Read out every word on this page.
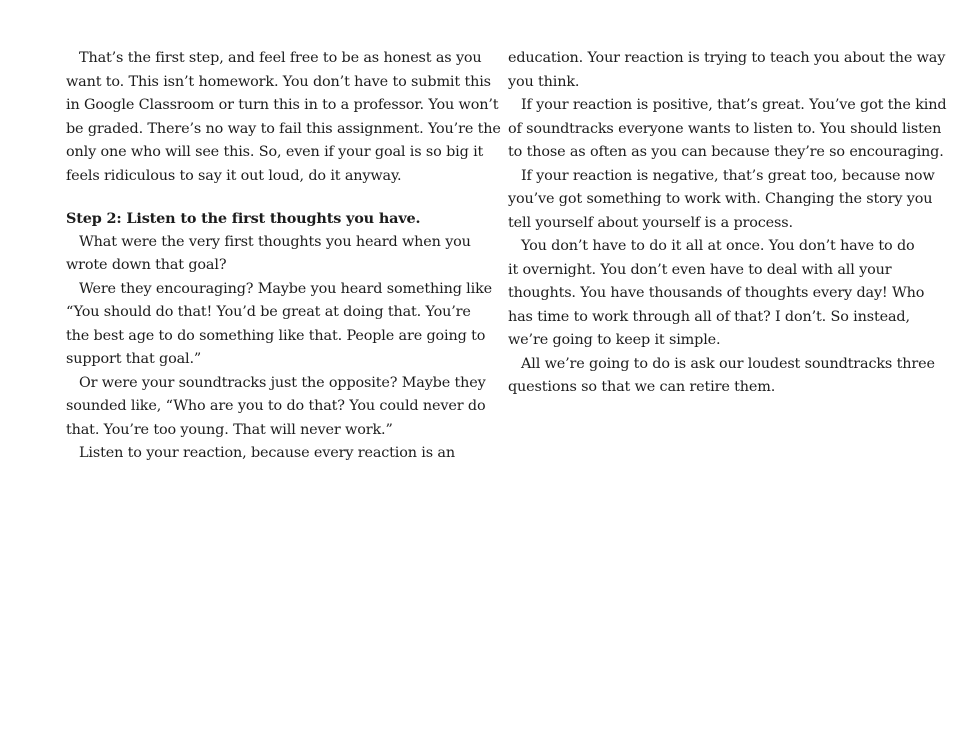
That’s the first step, and feel free to be as honest as you
want to. This isn’t homework. You don’t have to submit this
in Google Classroom or turn this in to a professor. You won’t
be graded. There’s no way to fail this assignment. You’re the
only one who will see this. So, even if your goal is so big it
feels ridiculous to say it out loud, do it anyway.
Step 2: Listen to the first thoughts you have.
What were the very first thoughts you heard when you
wrote down that goal?
Were they encouraging? Maybe you heard something like
“You should do that! You’d be great at doing that. You’re
the best age to do something like that. People are going to
support that goal.”
Or were your soundtracks just the opposite? Maybe they
sounded like, “Who are you to do that? You could never do
that. You’re too young. That will never work.”
Listen to your reaction, because every reaction is an
education. Your reaction is trying to teach you about the way
you think.
If your reaction is positive, that’s great. You’ve got the kind
of soundtracks everyone wants to listen to. You should listen
to those as often as you can because they’re so encouraging.
If your reaction is negative, that’s great too, because now
you’ve got something to work with. Changing the story you
tell yourself about yourself is a process.
You don’t have to do it all at once. You don’t have to do
it overnight. You don’t even have to deal with all your
thoughts. You have thousands of thoughts every day! Who
has time to work through all of that? I don’t. So instead,
we’re going to keep it simple.
All we’re going to do is ask our loudest soundtracks three
questions so that we can retire them.
